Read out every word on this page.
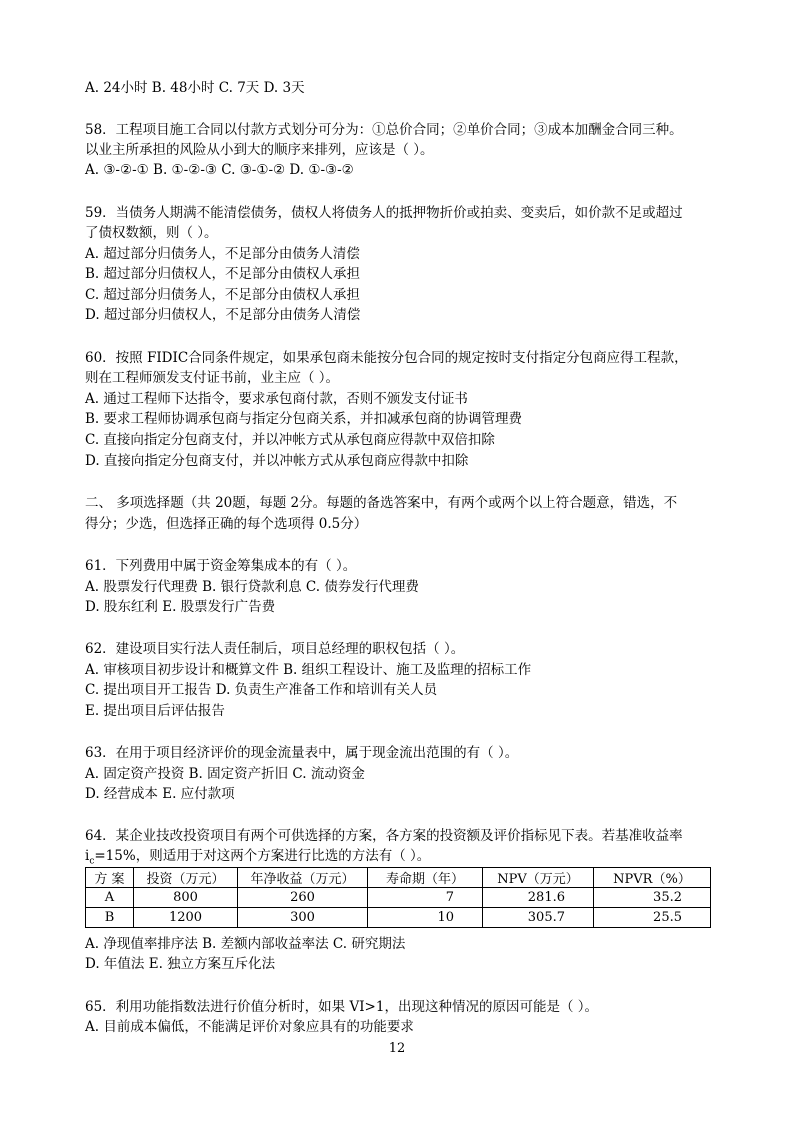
A. 24小时 B. 48小时 C. 7天 D. 3天
58．工程项目施工合同以付款方式划分可分为：①总价合同；②单价合同；③成本加酬金合同三种。
以业主所承担的风险从小到大的顺序来排列，应该是（ ）。
A. ③-②-① B. ①-②-③ C. ③-①-② D. ①-③-②
59．当债务人期满不能清偿债务，债权人将债务人的抵押物折价或拍卖、变卖后，如价款不足或超过
了债权数额，则（ ）。
A. 超过部分归债务人，不足部分由债务人清偿
B. 超过部分归债权人，不足部分由债权人承担
C. 超过部分归债务人，不足部分由债权人承担
D. 超过部分归债权人，不足部分由债务人清偿
60．按照 FIDIC合同条件规定，如果承包商未能按分包合同的规定按时支付指定分包商应得工程款，
则在工程师颁发支付证书前，业主应（ ）。
A. 通过工程师下达指令，要求承包商付款，否则不颁发支付证书
B. 要求工程师协调承包商与指定分包商关系，并扣减承包商的协调管理费
C. 直接向指定分包商支付，并以冲帐方式从承包商应得款中双倍扣除
D. 直接向指定分包商支付，并以冲帐方式从承包商应得款中扣除
二、 多项选择题（共 20题，每题 2分。每题的备选答案中，有两个或两个以上符合题意，错选，不
得分；少选，但选择正确的每个选项得 0.5分）
61．下列费用中属于资金筹集成本的有（ ）。
A. 股票发行代理费 B. 银行贷款利息 C. 债券发行代理费
D. 股东红利 E. 股票发行广告费
62．建设项目实行法人责任制后，项目总经理的职权包括（ ）。
A. 审核项目初步设计和概算文件 B. 组织工程设计、施工及监理的招标工作
C. 提出项目开工报告 D. 负责生产准备工作和培训有关人员
E. 提出项目后评估报告
63．在用于项目经济评价的现金流量表中，属于现金流出范围的有（ ）。
A. 固定资产投资 B. 固定资产折旧 C. 流动资金
D. 经营成本 E. 应付款项
64．某企业技改投资项目有两个可供选择的方案，各方案的投资额及评价指标见下表。若基准收益率
$i_c=15\%$，则适用于对这两个方案进行比选的方法有（ ）。
方 案	投资（万元）	年净收益（万元）	寿命期（年）	NPV（万元）	NPVR（%）
A	800	260	7	281.6	35.2
B	1200	300	10	305.7	25.5
A. 净现值率排序法 B. 差额内部收益率法 C. 研究期法
D. 年值法 E. 独立方案互斥化法
65．利用功能指数法进行价值分析时，如果 VI>1，出现这种情况的原因可能是（ ）。
A. 目前成本偏低，不能满足评价对象应具有的功能要求
12
